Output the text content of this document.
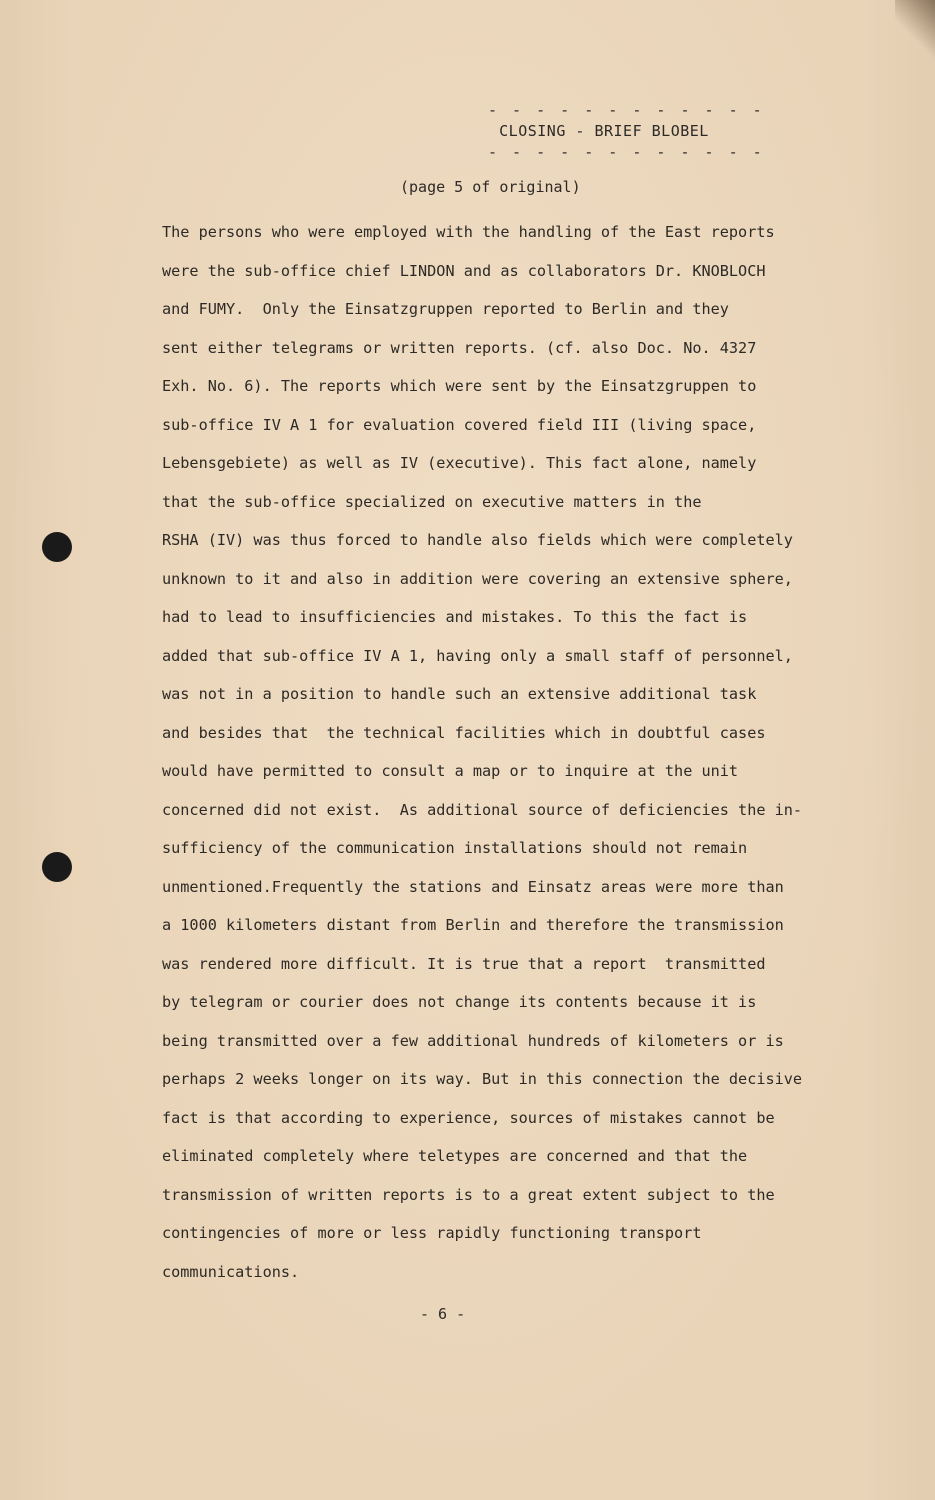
- - - - - - - - - - - -
CLOSING - BRIEF BLOBEL
- - - - - - - - - - - -
(page 5 of original)
The persons who were employed with the handling of the East reports
were the sub-office chief LINDON and as collaborators Dr. KNOBLOCH
and FUMY.  Only the Einsatzgruppen reported to Berlin and they
sent either telegrams or written reports. (cf. also Doc. No. 4327
Exh. No. 6). The reports which were sent by the Einsatzgruppen to
sub-office IV A 1 for evaluation covered field III (living space,
Lebensgebiete) as well as IV (executive). This fact alone, namely
that the sub-office specialized on executive matters in the
RSHA (IV) was thus forced to handle also fields which were completely
unknown to it and also in addition were covering an extensive sphere,
had to lead to insufficiencies and mistakes. To this the fact is
added that sub-office IV A 1, having only a small staff of personnel,
was not in a position to handle such an extensive additional task
and besides that  the technical facilities which in doubtful cases
would have permitted to consult a map or to inquire at the unit
concerned did not exist.  As additional source of deficiencies the in-
sufficiency of the communication installations should not remain
unmentioned.Frequently the stations and Einsatz areas were more than
a 1000 kilometers distant from Berlin and therefore the transmission
was rendered more difficult. It is true that a report  transmitted
by telegram or courier does not change its contents because it is
being transmitted over a few additional hundreds of kilometers or is
perhaps 2 weeks longer on its way. But in this connection the decisive
fact is that according to experience, sources of mistakes cannot be
eliminated completely where teletypes are concerned and that the
transmission of written reports is to a great extent subject to the
contingencies of more or less rapidly functioning transport
communications.
- 6 -
